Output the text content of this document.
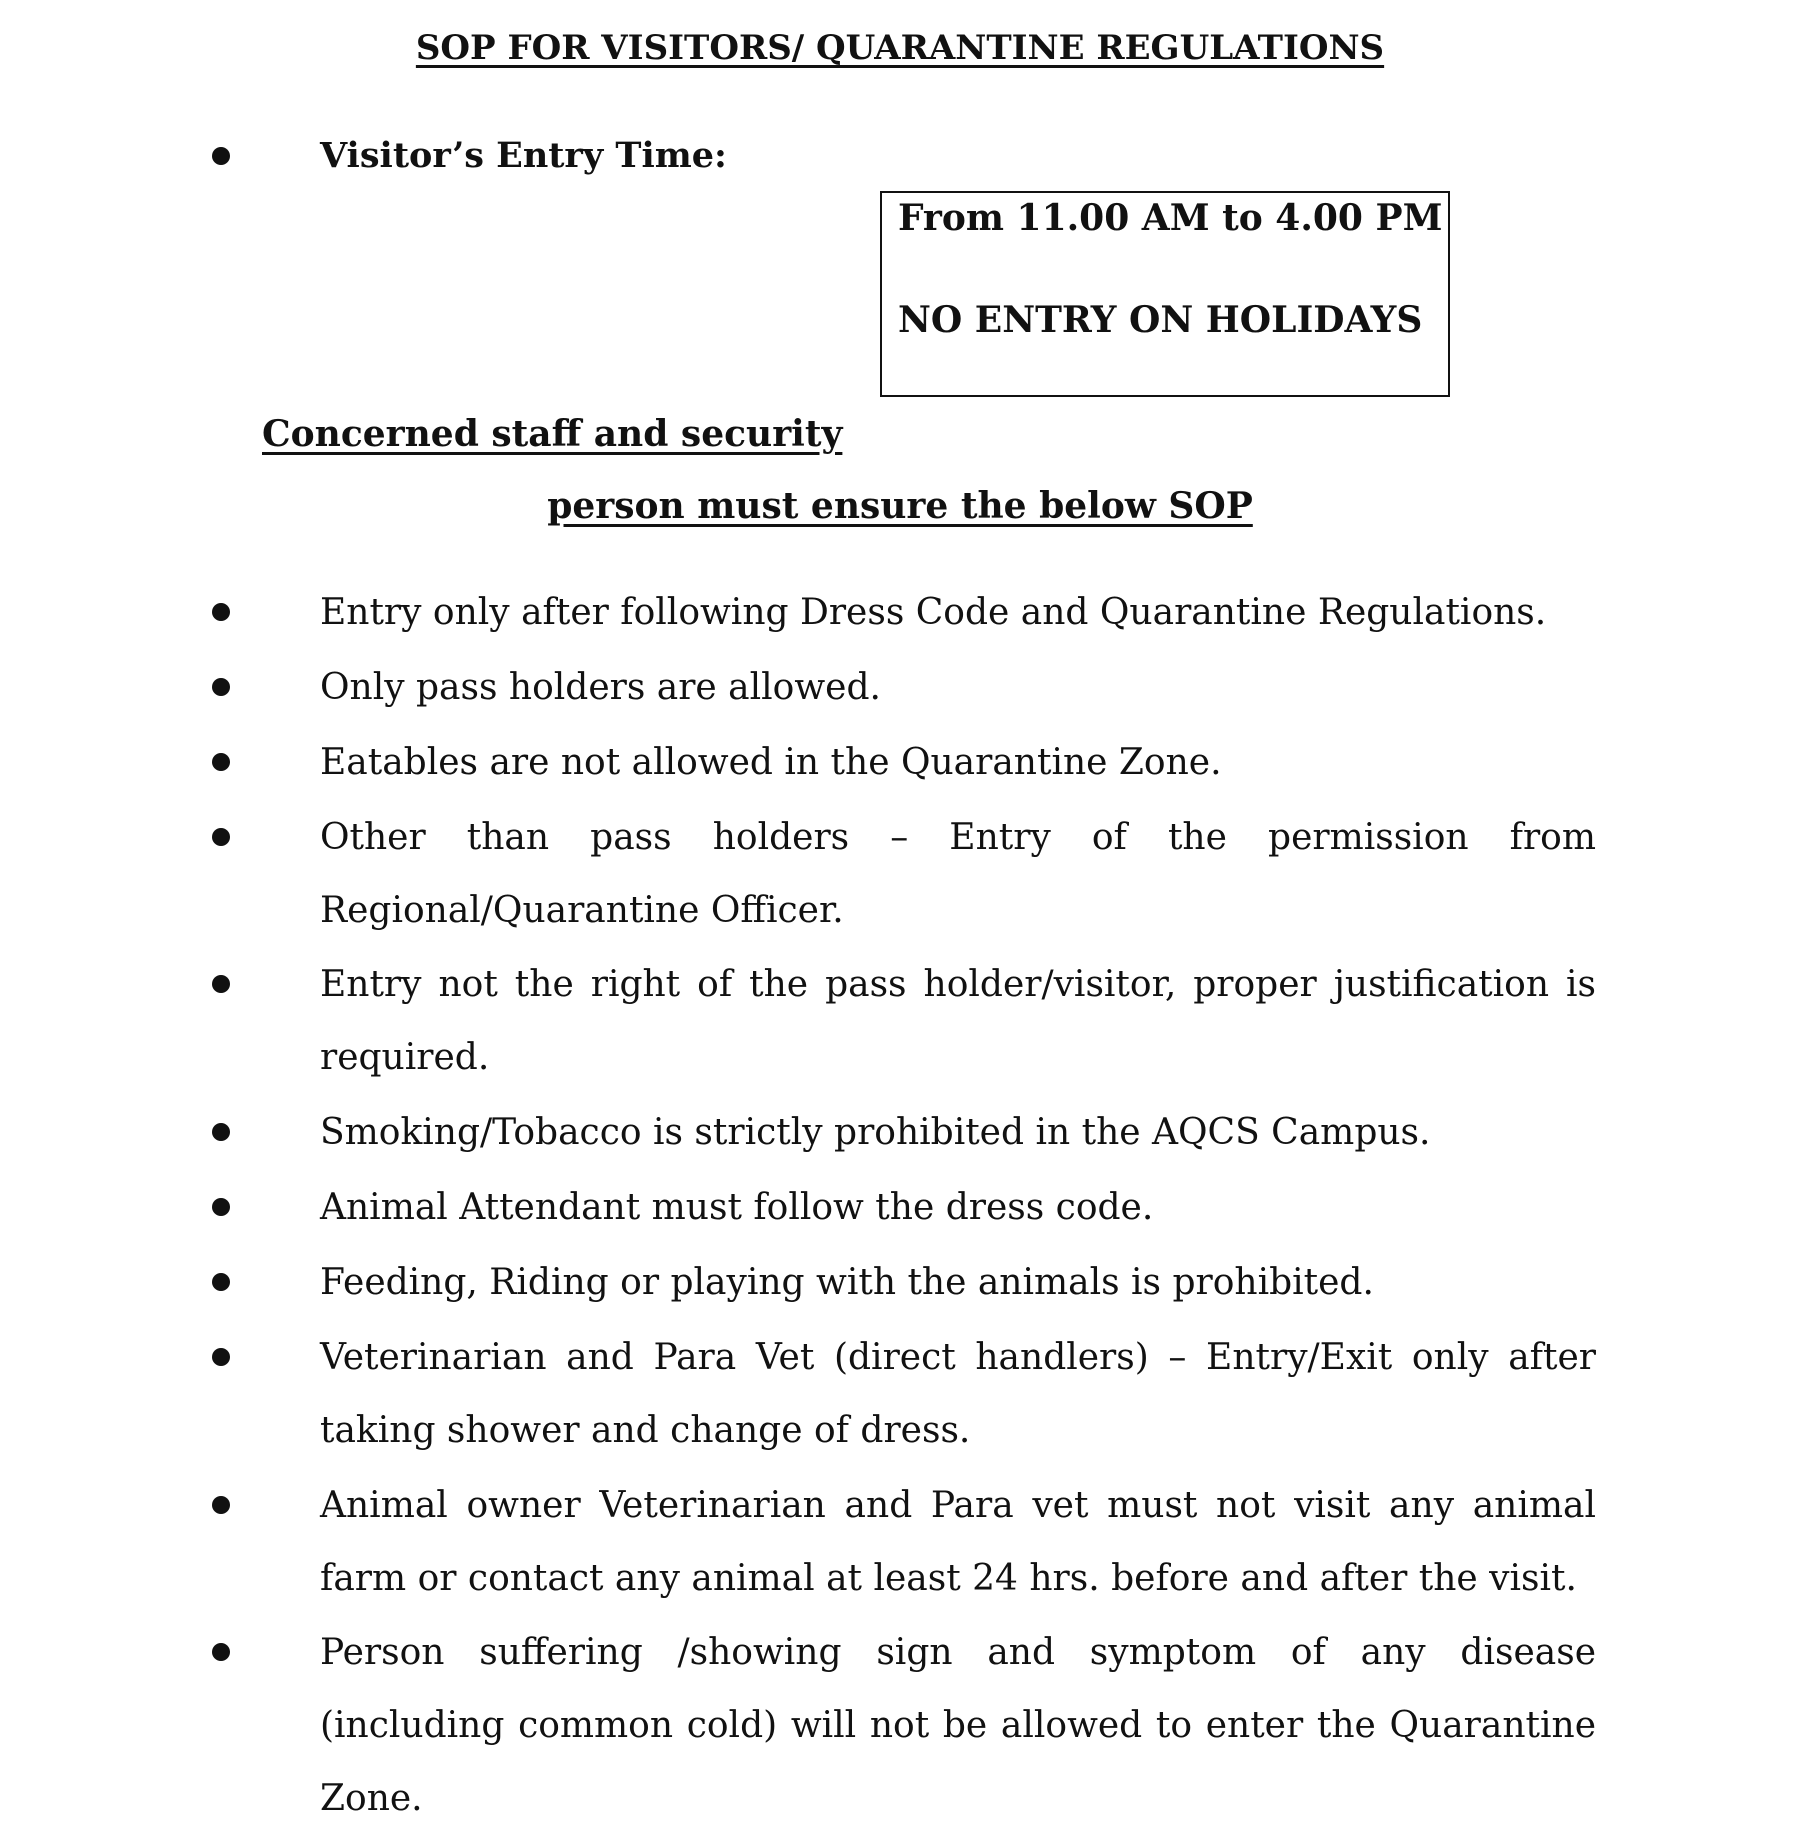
SOP FOR VISITORS/ QUARANTINE REGULATIONS
Visitor’s Entry Time:
From 11.00 AM to 4.00 PM
NO ENTRY ON HOLIDAYS
Concerned staff and security
person must ensure the below SOP
Entry only after following Dress Code and Quarantine Regulations.
Only pass holders are allowed.
Eatables are not allowed in the Quarantine Zone.
Other than pass holders – Entry of the permission from Regional/Quarantine Officer.
Entry not the right of the pass holder/visitor, proper justification is required.
Smoking/Tobacco is strictly prohibited in the AQCS Campus.
Animal Attendant must follow the dress code.
Feeding, Riding or playing with the animals is prohibited.
Veterinarian and Para Vet (direct handlers) – Entry/Exit only after taking shower and change of dress.
Animal owner Veterinarian and Para vet must not visit any animal farm or contact any animal at least 24 hrs. before and after the visit.
Person suffering /showing sign and symptom of any disease (including common cold) will not be allowed to enter the Quarantine Zone.
